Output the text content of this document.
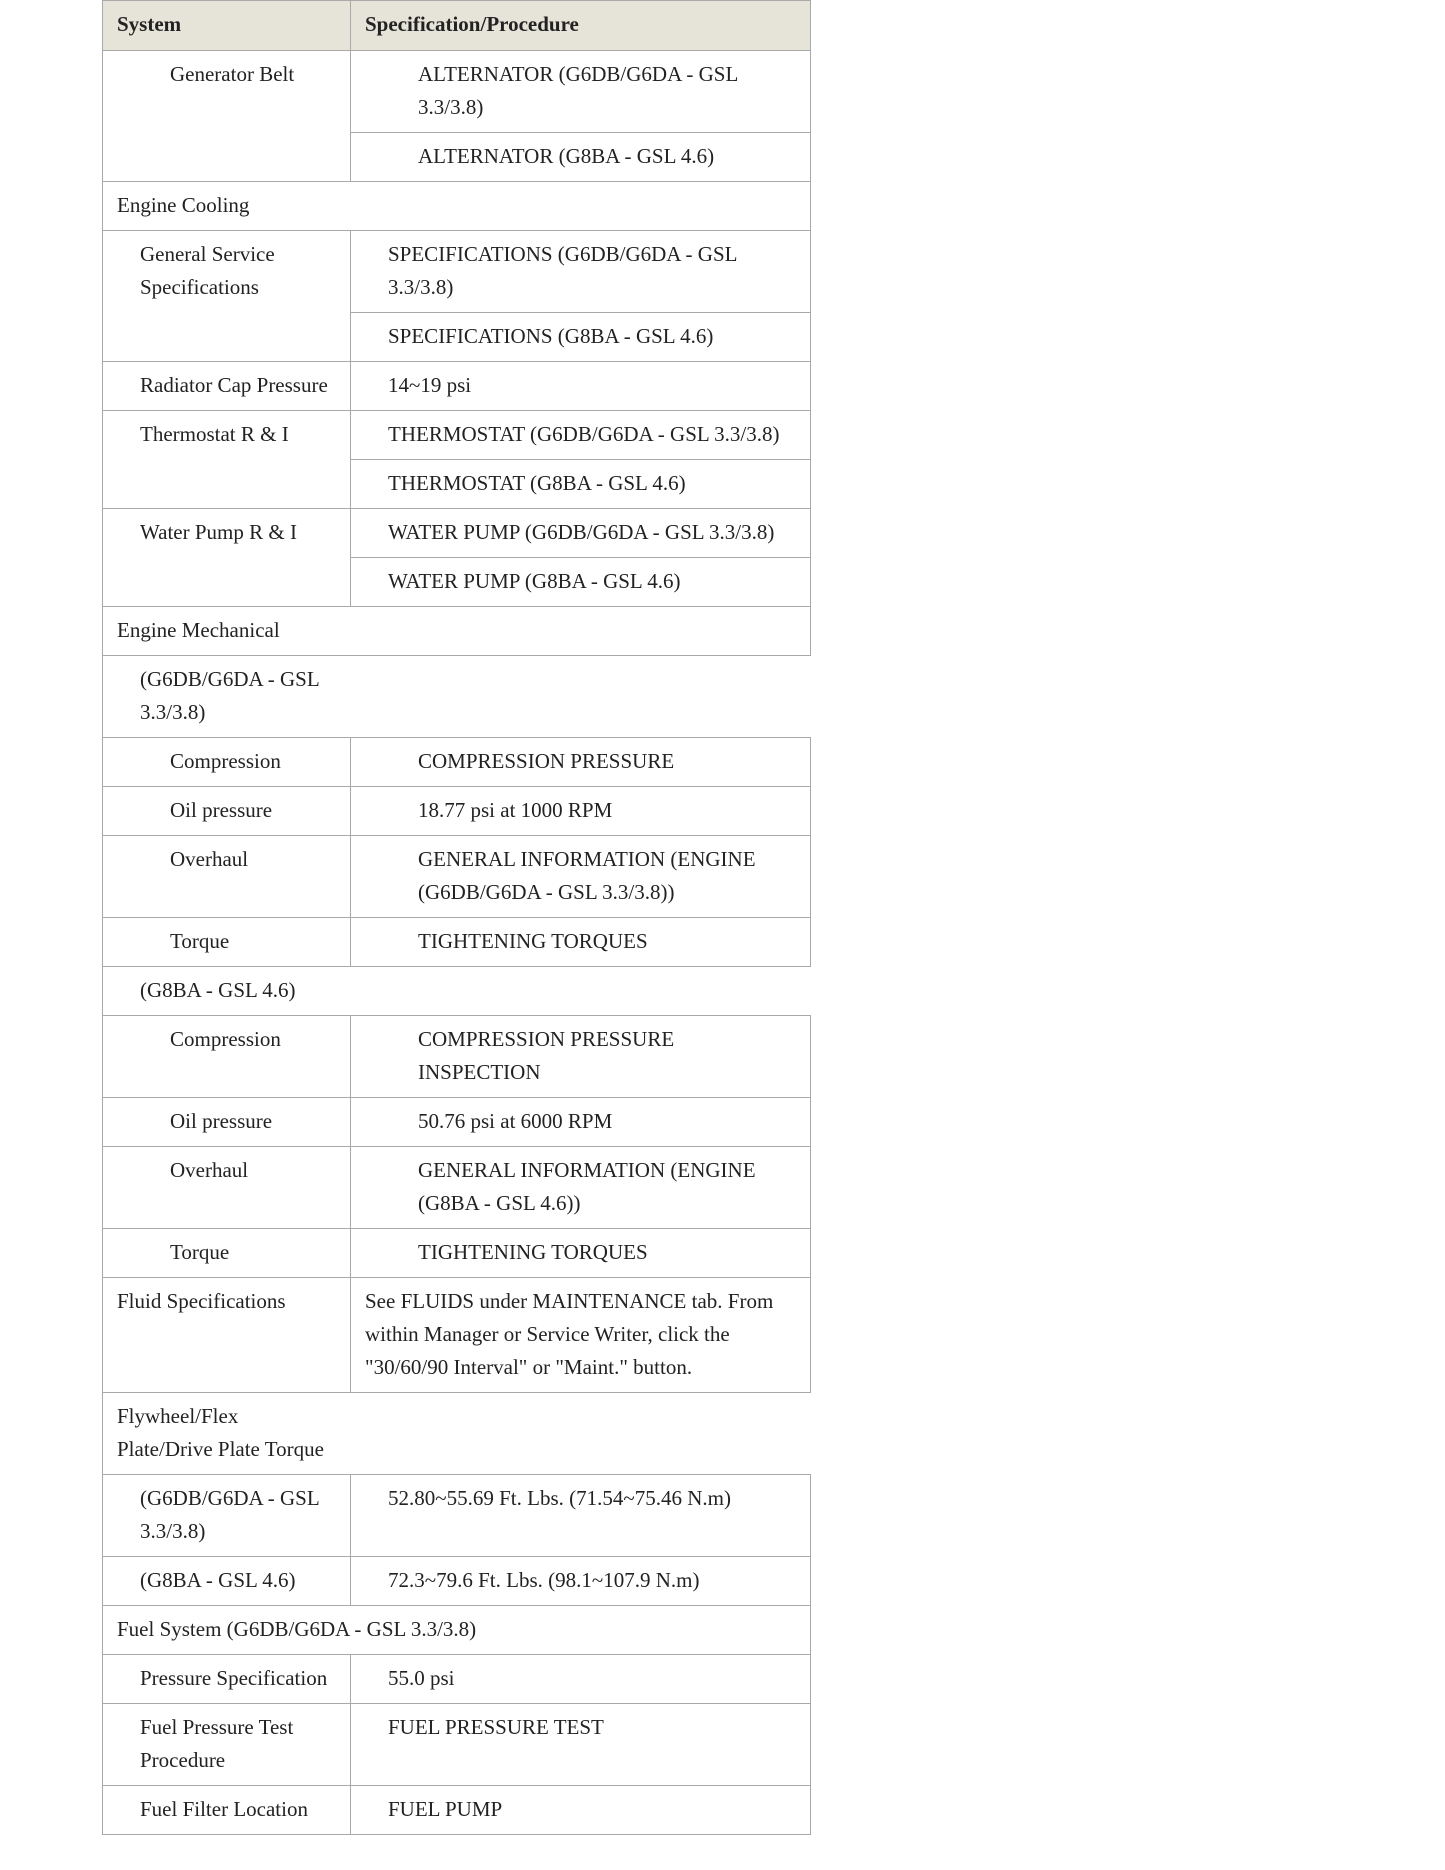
System	Specification/Procedure
Generator Belt	ALTERNATOR (G6DB/G6DA - GSL 3.3/3.8)
	ALTERNATOR (G8BA - GSL 4.6)
Engine Cooling	
General Service Specifications	SPECIFICATIONS (G6DB/G6DA - GSL 3.3/3.8)
	SPECIFICATIONS (G8BA - GSL 4.6)
Radiator Cap Pressure	14~19 psi
Thermostat R & I	THERMOSTAT (G6DB/G6DA - GSL 3.3/3.8)
	THERMOSTAT (G8BA - GSL 4.6)
Water Pump R & I	WATER PUMP (G6DB/G6DA - GSL 3.3/3.8)
	WATER PUMP (G8BA - GSL 4.6)
Engine Mechanical	

(G6DB/G6DA - GSL 3.3/3.8)	

Compression	COMPRESSION PRESSURE
Oil pressure	18.77 psi at 1000 RPM
Overhaul	GENERAL INFORMATION (ENGINE (G6DB/G6DA - GSL 3.3/3.8))
Torque	TIGHTENING TORQUES

(G8BA - GSL 4.6)	

Compression	COMPRESSION PRESSURE INSPECTION
Oil pressure	50.76 psi at 6000 RPM
Overhaul	GENERAL INFORMATION (ENGINE (G8BA - GSL 4.6))
Torque	TIGHTENING TORQUES
Fluid Specifications	See FLUIDS under MAINTENANCE tab. From within Manager or Service Writer, click the "30/60/90 Interval" or "Maint." button.

Flywheel/Flex Plate/Drive Plate Torque	

(G6DB/G6DA - GSL 3.3/3.8)	52.80~55.69 Ft. Lbs. (71.54~75.46 N.m)
(G8BA - GSL 4.6)	72.3~79.6 Ft. Lbs. (98.1~107.9 N.m)
Fuel System (G6DB/G6DA - GSL 3.3/3.8)	
Pressure Specification	55.0 psi
Fuel Pressure Test Procedure	FUEL PRESSURE TEST
Fuel Filter Location	FUEL PUMP
